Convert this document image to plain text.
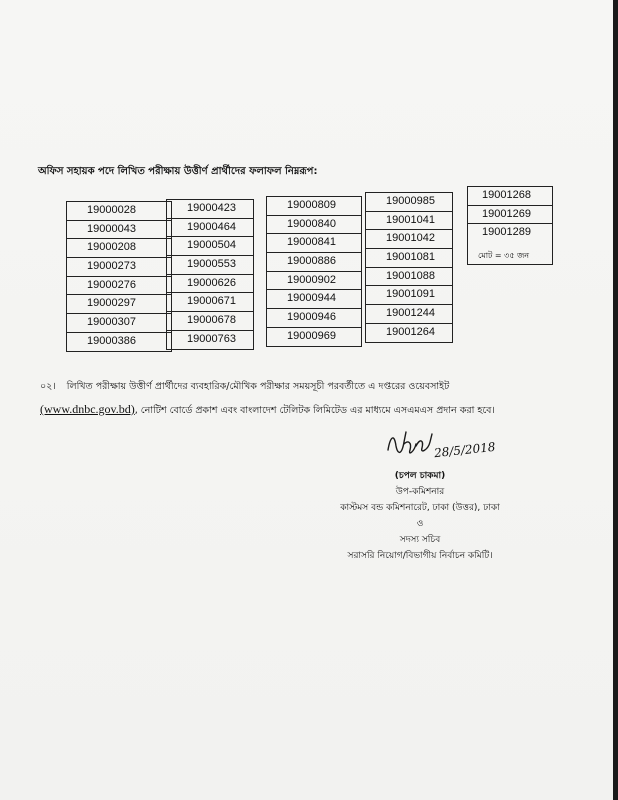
অফিস সহায়ক পদে লিখিত পরীক্ষায় উত্তীর্ণ প্রার্থীদের ফলাফল নিম্নরূপ:
19000028
19000043
19000208
19000273
19000276
19000297
19000307
19000386
19000423
19000464
19000504
19000553
19000626
19000671
19000678
19000763
19000809
19000840
19000841
19000886
19000902
19000944
19000946
19000969
19000985
19001041
19001042
19001081
19001088
19001091
19001244
19001264
19001268
19001269
19001289
মোট = ৩৫ জন
০২। লিখিত পরীক্ষায় উত্তীর্ণ প্রার্থীদের ব্যবহারিক/মৌখিক পরীক্ষার সময়সূচী পরবর্তীতে এ দপ্তরের ওয়েবসাইট
(www.dnbc.gov.bd), নোটিশ বোর্ডে প্রকাশ এবং বাংলাদেশ টেলিটক লিমিটেড এর মাধ্যমে এসএমএস প্রদান করা হবে।
28/5/2018
(চপল চাকমা)
উপ-কমিশনার
কাস্টমস বন্ড কমিশনারেট, ঢাকা (উত্তর), ঢাকা
ও
সদস্য সচিব
সরাসরি নিয়োগ/বিভাগীয় নির্বাচন কমিটি।
